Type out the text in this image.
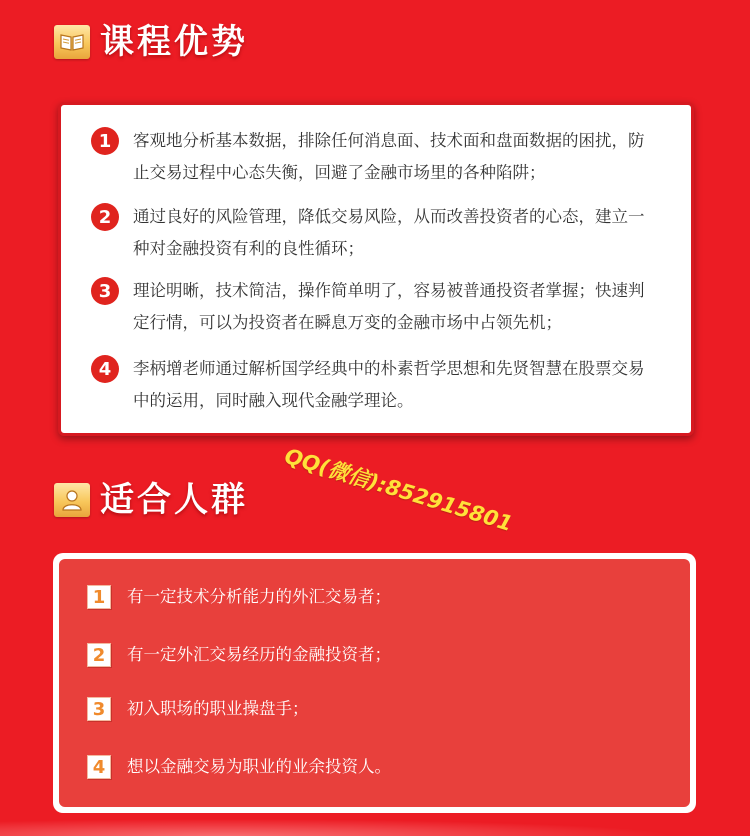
课程优势
1	客观地分析基本数据，排除任何消息面、技术面和盘面数据的困扰，防
止交易过程中心态失衡，回避了金融市场里的各种陷阱；
2	通过良好的风险管理，降低交易风险，从而改善投资者的心态，建立一
种对金融投资有利的良性循环；
3	理论明晰，技术简洁，操作简单明了，容易被普通投资者掌握；快速判
定行情，可以为投资者在瞬息万变的金融市场中占领先机；
4	李柄增老师通过解析国学经典中的朴素哲学思想和先贤智慧在股票交易
中的运用，同时融入现代金融学理论。
QQ(微信):852915801
适合人群
1	有一定技术分析能力的外汇交易者；
2	有一定外汇交易经历的金融投资者；
3	初入职场的职业操盘手；
4	想以金融交易为职业的业余投资人。
